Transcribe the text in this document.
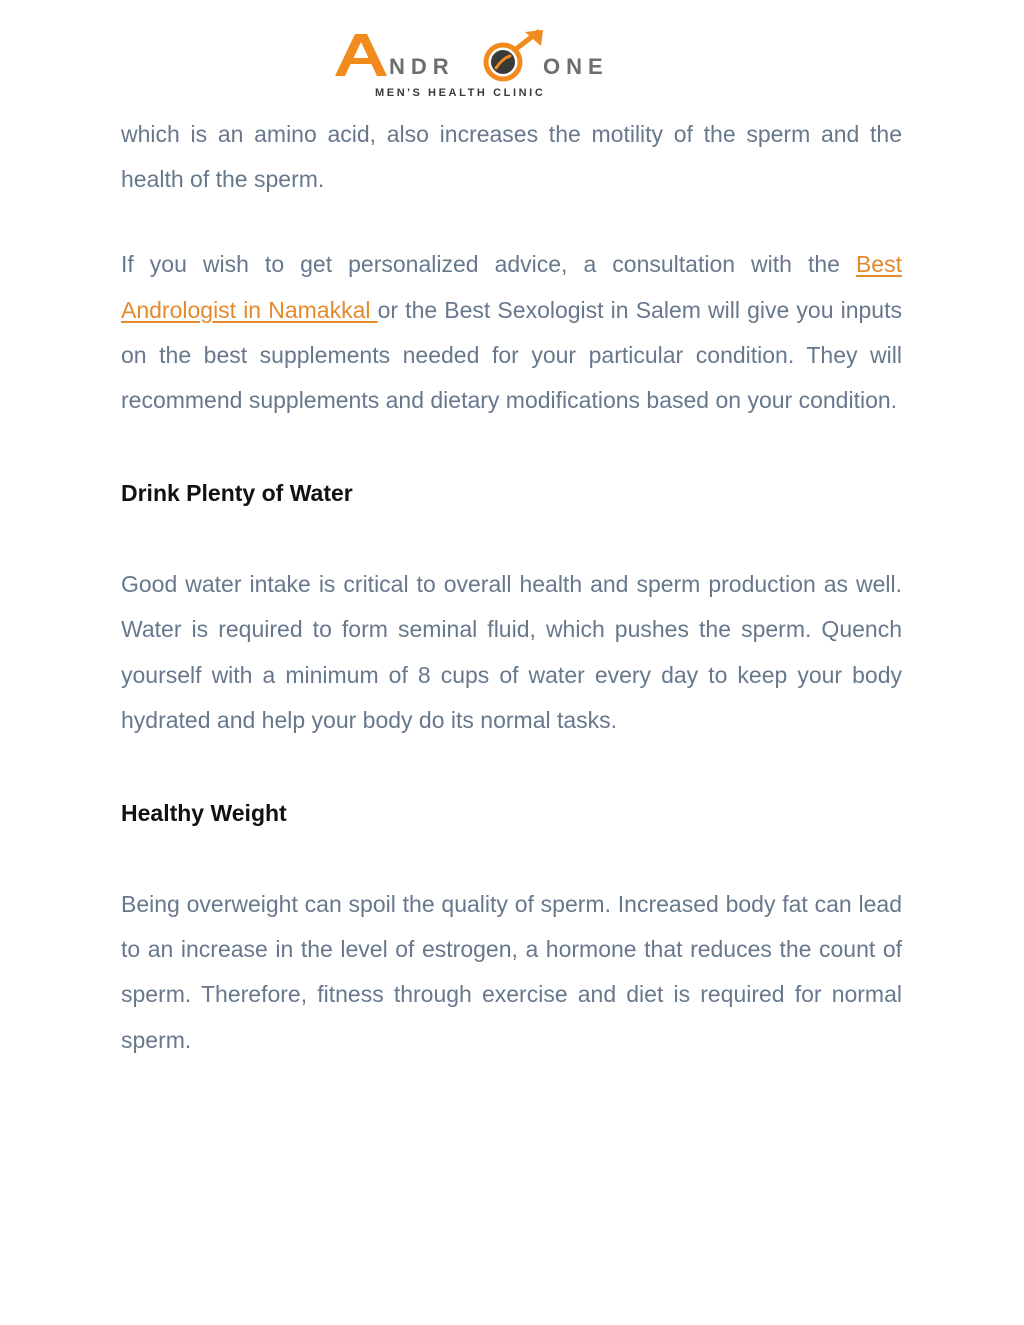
NDR	ONE
MEN'S HEALTH CLINIC

which is an amino acid, also increases the motility of the sperm and the health of the sperm.

If you wish to get personalized advice, a consultation with the Best Andrologist in Namakkal or the Best Sexologist in Salem will give you inputs on the best supplements needed for your particular condition. They will recommend supplements and dietary modifications based on your condition.

Drink Plenty of Water

Good water intake is critical to overall health and sperm production as well. Water is required to form seminal fluid, which pushes the sperm. Quench yourself with a minimum of 8 cups of water every day to keep your body hydrated and help your body do its normal tasks.

Healthy Weight

Being overweight can spoil the quality of sperm. Increased body fat can lead to an increase in the level of estrogen, a hormone that reduces the count of sperm. Therefore, fitness through exercise and diet is required for normal sperm.
